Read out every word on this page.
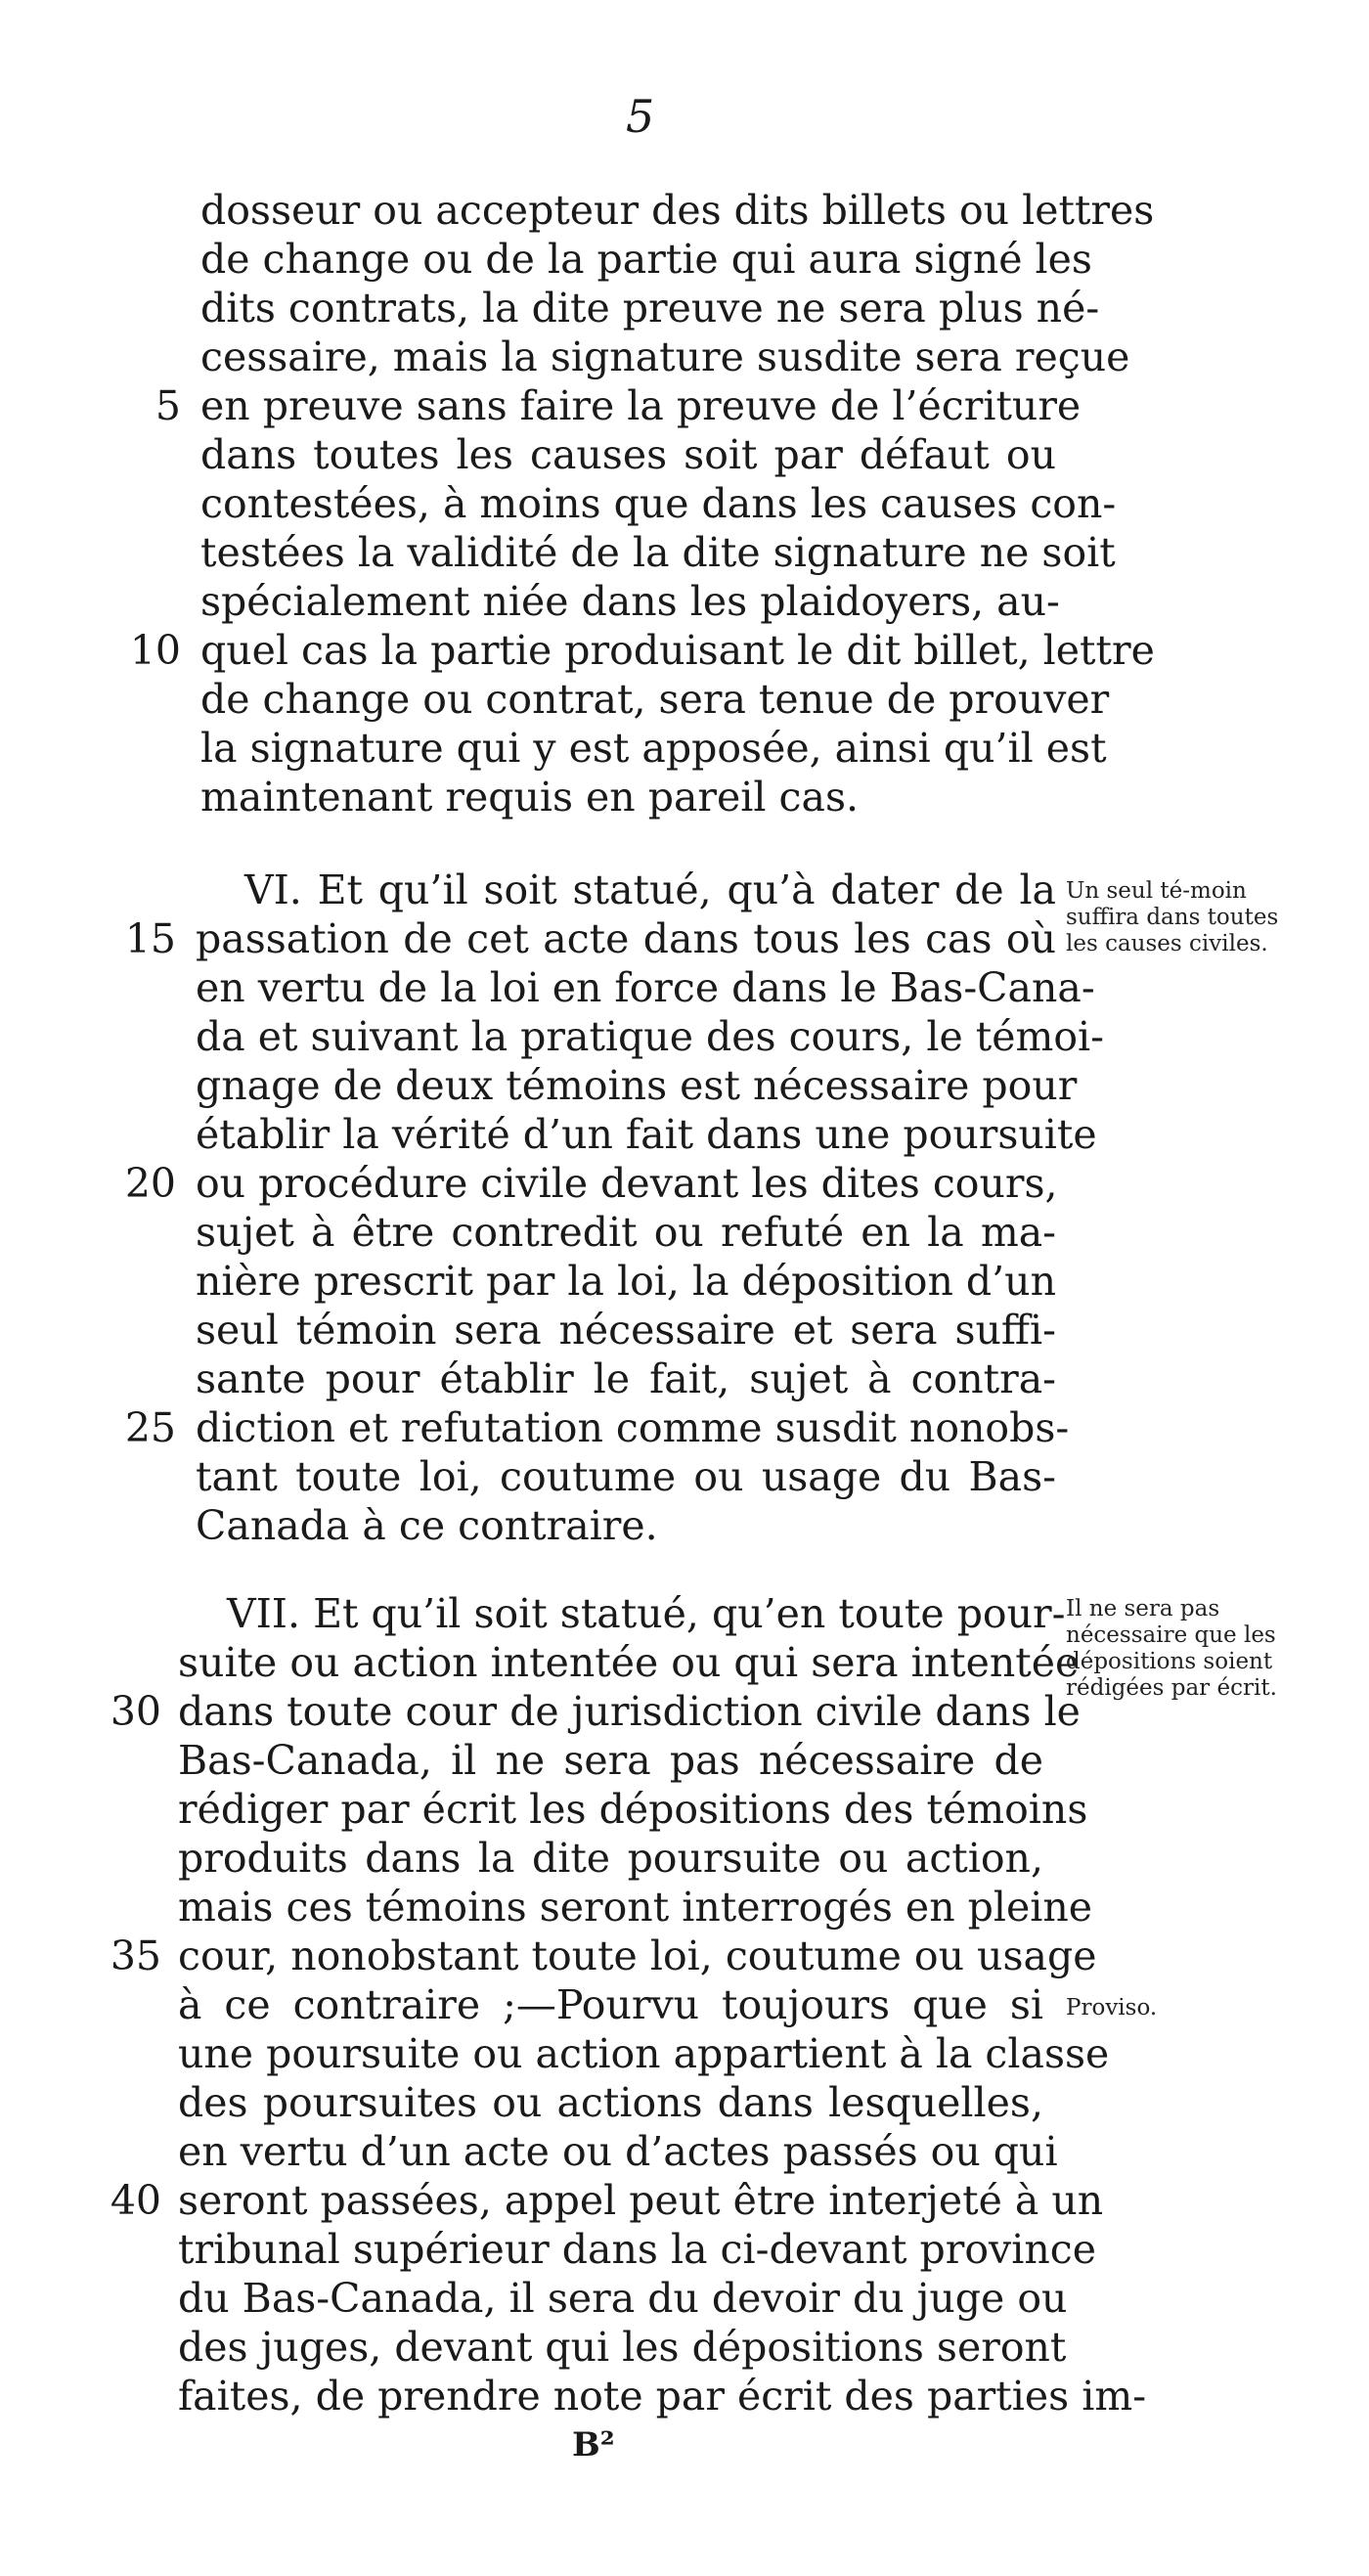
5
dosseur ou accepteur des dits billets ou lettres
de change ou de la partie qui aura signé les
dits contrats, la dite preuve ne sera plus né-
cessaire, mais la signature susdite sera reçue
5 en preuve sans faire la preuve de l’écriture
dans toutes les causes soit par défaut ou
contestées, à moins que dans les causes con-
testées la validité de la dite signature ne soit
spécialement niée dans les plaidoyers, au-
10 quel cas la partie produisant le dit billet, lettre
de change ou contrat, sera tenue de prouver
la signature qui y est apposée, ainsi qu’il est
maintenant requis en pareil cas.
VI. Et qu’il soit statué, qu’à dater de la
15 passation de cet acte dans tous les cas où
en vertu de la loi en force dans le Bas-Cana-
da et suivant la pratique des cours, le témoi-
gnage de deux témoins est nécessaire pour
établir la vérité d’un fait dans une poursuite
20 ou procédure civile devant les dites cours,
sujet à être contredit ou refuté en la ma-
nière prescrit par la loi, la déposition d’un
seul témoin sera nécessaire et sera suffi-
sante pour établir le fait, sujet à contra-
25 diction et refutation comme susdit nonobs-
tant toute loi, coutume ou usage du Bas-
Canada à ce contraire.
VII. Et qu’il soit statué, qu’en toute pour-
suite ou action intentée ou qui sera intentée
30 dans toute cour de jurisdiction civile dans le
Bas-Canada, il ne sera pas nécessaire de
rédiger par écrit les dépositions des témoins
produits dans la dite poursuite ou action,
mais ces témoins seront interrogés en pleine
35 cour, nonobstant toute loi, coutume ou usage
à ce contraire ;—Pourvu toujours que si
une poursuite ou action appartient à la classe
des poursuites ou actions dans lesquelles,
en vertu d’un acte ou d’actes passés ou qui
40 seront passées, appel peut être interjeté à un
tribunal supérieur dans la ci-devant province
du Bas-Canada, il sera du devoir du juge ou
des juges, devant qui les dépositions seront
faites, de prendre note par écrit des parties im-
Un seul té-moin suffira dans toutes les causes civiles.
Il ne sera pas nécessaire que les dépositions soient rédigées par écrit.
Proviso.
B²
